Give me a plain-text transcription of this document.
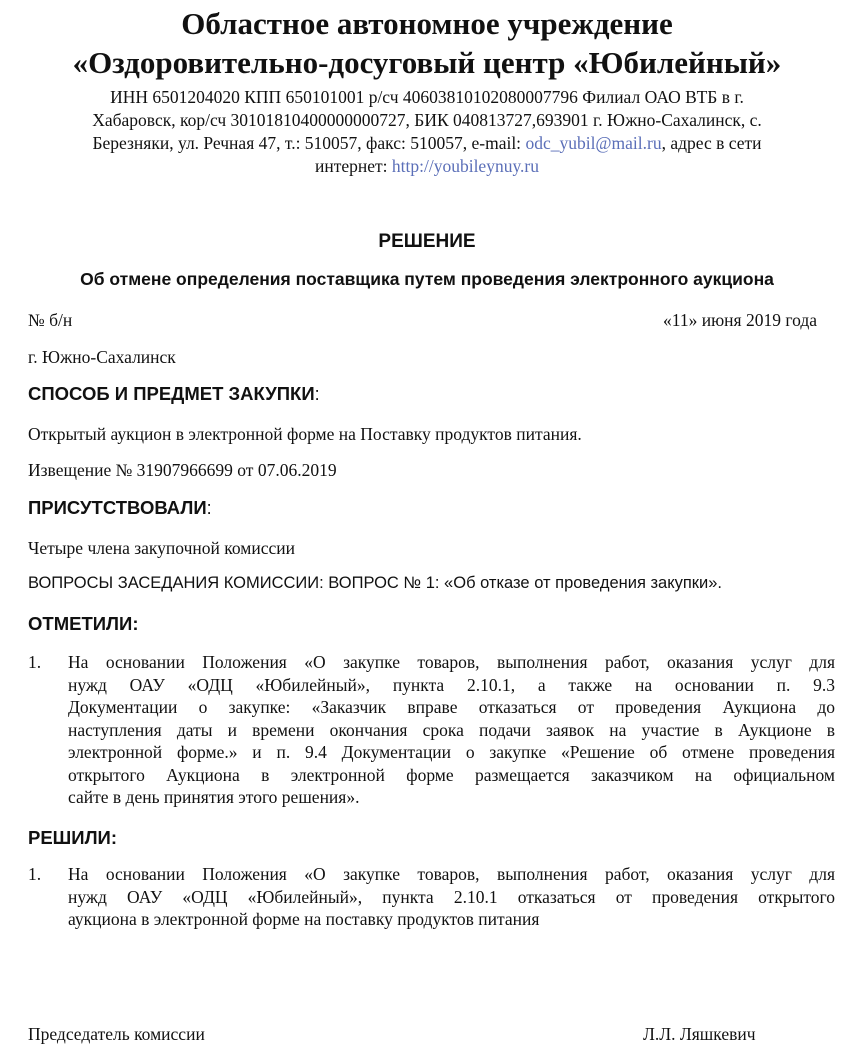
Областное автономное учреждение
«Оздоровительно-досуговый центр «Юбилейный»
ИНН 6501204020 КПП 650101001 р/сч 40603810102080007796 Филиал ОАО ВТБ в г.
Хабаровск, кор/сч 30101810400000000727, БИК 040813727,693901 г. Южно-Сахалинск, с.
Березняки, ул. Речная 47, т.: 510057, факс: 510057, e-mail: odc_yubil@mail.ru, адрес в сети
интернет: http://youbileynuy.ru
РЕШЕНИЕ
Об отмене определения поставщика путем проведения электронного аукциона
№ б/н	«11» июня 2019 года
г. Южно-Сахалинск
СПОСОБ И ПРЕДМЕТ ЗАКУПКИ:
Открытый аукцион в электронной форме на Поставку продуктов питания.
Извещение № 31907966699 от 07.06.2019
ПРИСУТСТВОВАЛИ:
Четыре члена закупочной комиссии
ВОПРОСЫ ЗАСЕДАНИЯ КОМИССИИ: ВОПРОС № 1: «Об отказе от проведения закупки».
ОТМЕТИЛИ:
1. На основании Положения «О закупке товаров, выполнения работ, оказания услуг для
нужд ОАУ «ОДЦ «Юбилейный», пункта 2.10.1, а также на основании п. 9.3
Документации о закупке: «Заказчик вправе отказаться от проведения Аукциона до
наступления даты и времени окончания срока подачи заявок на участие в Аукционе в
электронной форме.» и п. 9.4 Документации о закупке «Решение об отмене проведения
открытого Аукциона в электронной форме размещается заказчиком на официальном
сайте в день принятия этого решения».
РЕШИЛИ:
1. На основании Положения «О закупке товаров, выполнения работ, оказания услуг для
нужд ОАУ «ОДЦ «Юбилейный», пункта 2.10.1 отказаться от проведения открытого
аукциона в электронной форме на поставку продуктов питания
Председатель комиссии	Л.Л. Ляшкевич
